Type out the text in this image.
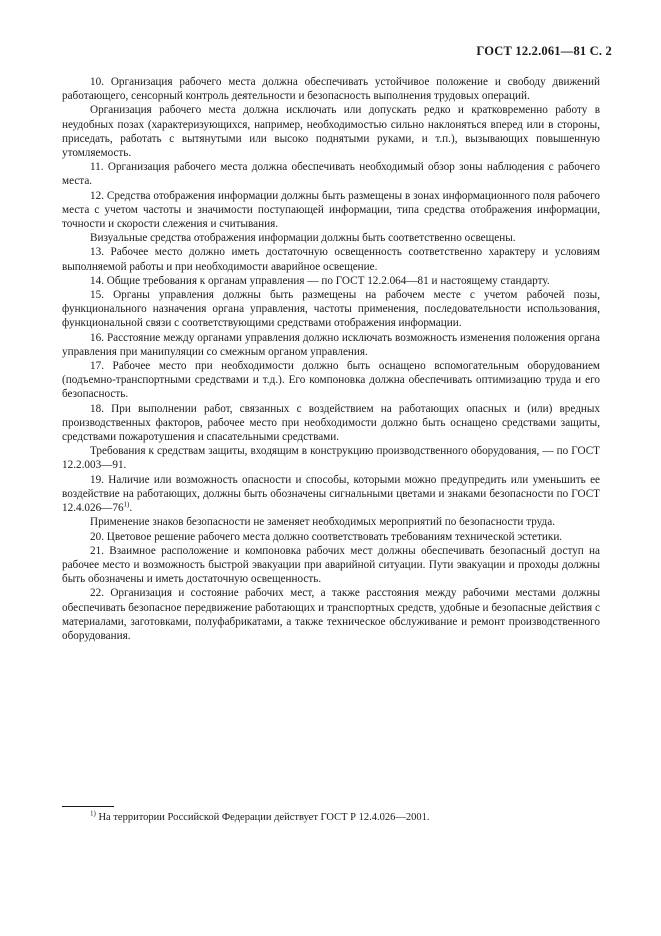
ГОСТ 12.2.061—81 С. 2

10. Организация рабочего места должна обеспечивать устойчивое положение и свободу движений работающего, сенсорный контроль деятельности и безопасность выполнения трудовых операций.

Организация рабочего места должна исключать или допускать редко и кратковременно работу в неудобных позах (характеризующихся, например, необходимостью сильно наклоняться вперед или в стороны, приседать, работать с вытянутыми или высоко поднятыми руками, и т.п.), вызывающих повышенную утомляемость.

11. Организация рабочего места должна обеспечивать необходимый обзор зоны наблюдения с рабочего места.

12. Средства отображения информации должны быть размещены в зонах информационного поля рабочего места с учетом частоты и значимости поступающей информации, типа средства отображения информации, точности и скорости слежения и считывания.

Визуальные средства отображения информации должны быть соответственно освещены.

13. Рабочее место должно иметь достаточную освещенность соответственно характеру и условиям выполняемой работы и при необходимости аварийное освещение.

14. Общие требования к органам управления — по ГОСТ 12.2.064—81 и настоящему стандарту.

15. Органы управления должны быть размещены на рабочем месте с учетом рабочей позы, функционального назначения органа управления, частоты применения, последовательности использования, функциональной связи с соответствующими средствами отображения информации.

16. Расстояние между органами управления должно исключать возможность изменения положения органа управления при манипуляции со смежным органом управления.

17. Рабочее место при необходимости должно быть оснащено вспомогательным оборудованием (подъемно-транспортными средствами и т.д.). Его компоновка должна обеспечивать оптимизацию труда и его безопасность.

18. При выполнении работ, связанных с воздействием на работающих опасных и (или) вредных производственных факторов, рабочее место при необходимости должно быть оснащено средствами защиты, средствами пожаротушения и спасательными средствами.

Требования к средствам защиты, входящим в конструкцию производственного оборудования, — по ГОСТ 12.2.003—91.

19. Наличие или возможность опасности и способы, которыми можно предупредить или уменьшить ее воздействие на работающих, должны быть обозначены сигнальными цветами и знаками безопасности по ГОСТ 12.4.026—76$^{1)}$.

Применение знаков безопасности не заменяет необходимых мероприятий по безопасности труда.

20. Цветовое решение рабочего места должно соответствовать требованиям технической эстетики.

21. Взаимное расположение и компоновка рабочих мест должны обеспечивать безопасный доступ на рабочее место и возможность быстрой эвакуации при аварийной ситуации. Пути эвакуации и проходы должны быть обозначены и иметь достаточную освещенность.

22. Организация и состояние рабочих мест, а также расстояния между рабочими местами должны обеспечивать безопасное передвижение работающих и транспортных средств, удобные и безопасные действия с материалами, заготовками, полуфабрикатами, а также техническое обслуживание и ремонт производственного оборудования.

$^{1)}$ На территории Российской Федерации действует ГОСТ Р 12.4.026—2001.
